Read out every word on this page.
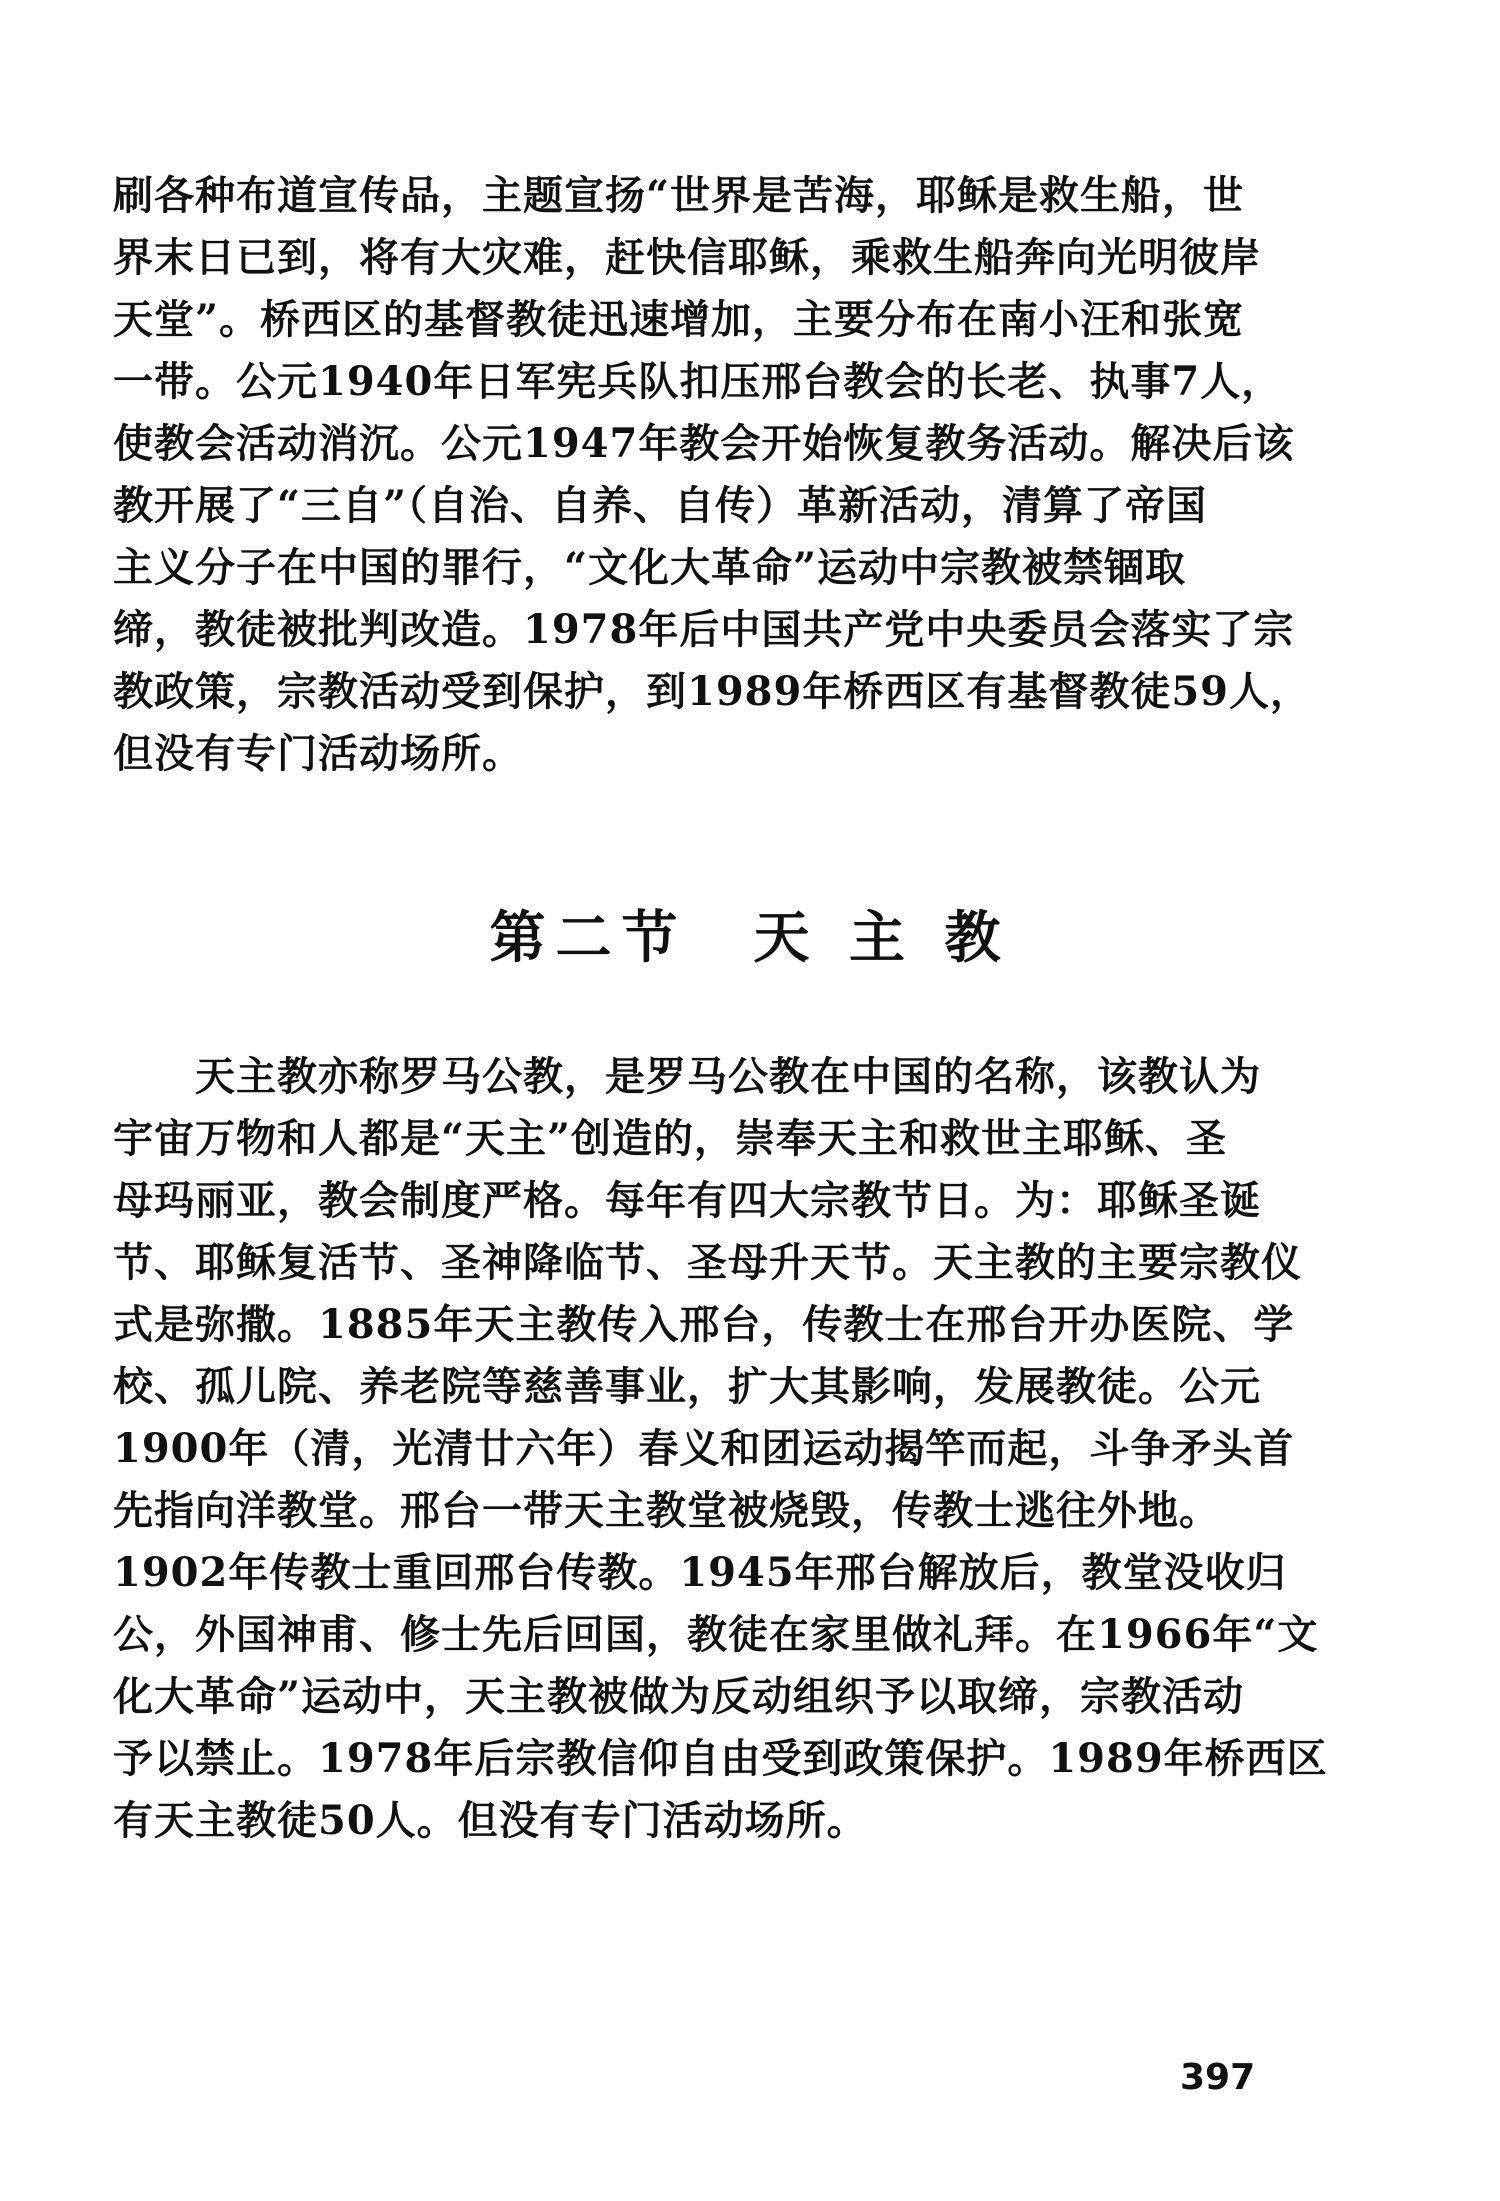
刷各种布道宣传品，主题宣扬“世界是苦海，耶稣是救生船，世
界末日已到，将有大灾难，赶快信耶稣，乘救生船奔向光明彼岸
天堂”。桥西区的基督教徒迅速增加，主要分布在南小汪和张宽
一带。公元1940年日军宪兵队扣压邢台教会的长老、执事7人，
使教会活动消沉。公元1947年教会开始恢复教务活动。解决后该
教开展了“三自”（自治、自养、自传）革新活动，清算了帝国
主义分子在中国的罪行，“文化大革命”运动中宗教被禁锢取
缔，教徒被批判改造。1978年后中国共产党中央委员会落实了宗
教政策，宗教活动受到保护，到1989年桥西区有基督教徒59人，
但没有专门活动场所。
第二节　天 主 教
　　天主教亦称罗马公教，是罗马公教在中国的名称，该教认为
宇宙万物和人都是“天主”创造的，崇奉天主和救世主耶稣、圣
母玛丽亚，教会制度严格。每年有四大宗教节日。为：耶稣圣诞
节、耶稣复活节、圣神降临节、圣母升天节。天主教的主要宗教仪
式是弥撒。1885年天主教传入邢台，传教士在邢台开办医院、学
校、孤儿院、养老院等慈善事业，扩大其影响，发展教徒。公元
1900年（清，光清廿六年）春义和团运动揭竿而起，斗争矛头首
先指向洋教堂。邢台一带天主教堂被烧毁，传教士逃往外地。
1902年传教士重回邢台传教。1945年邢台解放后，教堂没收归
公，外国神甫、修士先后回国，教徒在家里做礼拜。在1966年“文
化大革命”运动中，天主教被做为反动组织予以取缔，宗教活动
予以禁止。1978年后宗教信仰自由受到政策保护。1989年桥西区
有天主教徒50人。但没有专门活动场所。
397
